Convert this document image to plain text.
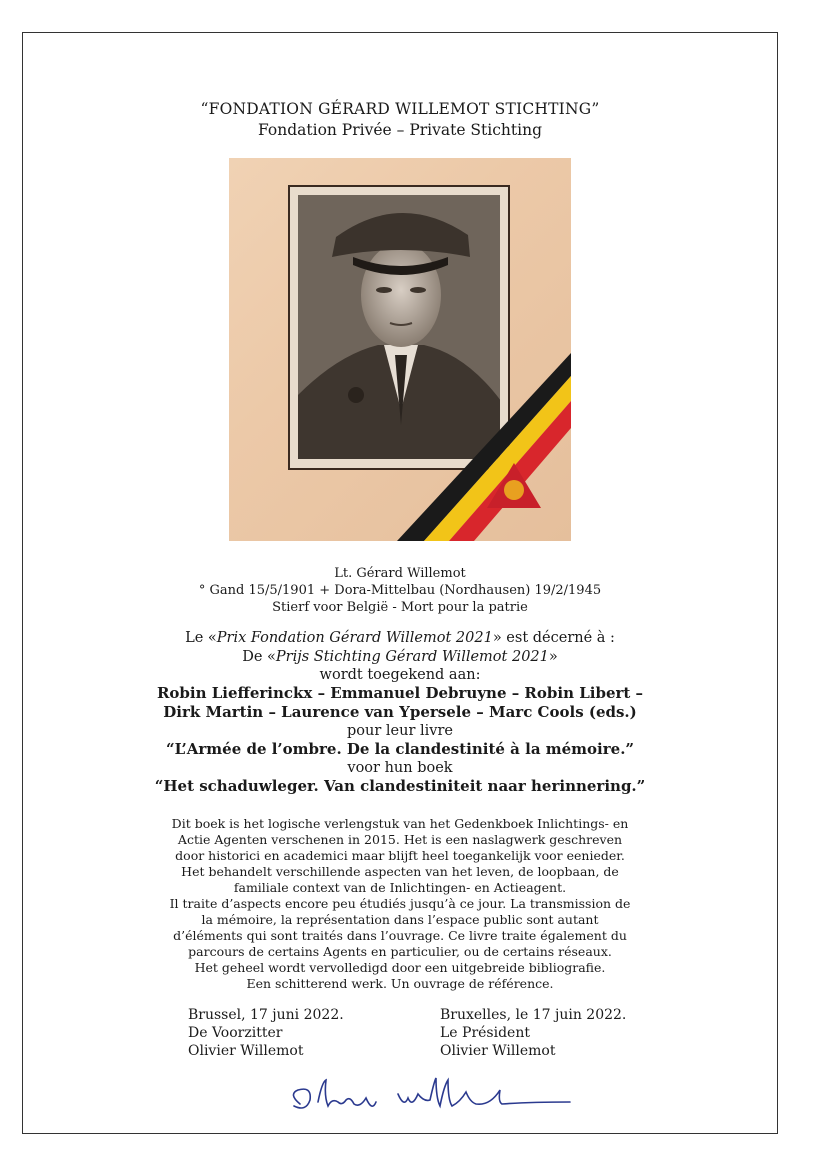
“FONDATION GÉRARD WILLEMOT STICHTING”
Fondation Privée – Private Stichting
Lt. Gérard Willemot
° Gand 15/5/1901 + Dora-Mittelbau (Nordhausen) 19/2/1945
Stierf voor België - Mort pour la patrie
Le «Prix Fondation Gérard Willemot 2021» est décerné à :
De «Prijs Stichting Gérard Willemot 2021»
wordt toegekend aan:
Robin Liefferinckx – Emmanuel Debruyne – Robin Libert –
Dirk Martin – Laurence van Ypersele – Marc Cools (eds.)
pour leur livre
“L’Armée de l’ombre. De la clandestinité à la mémoire.”
voor hun boek
“Het schaduwleger. Van clandestiniteit naar herinnering.”
Dit boek is het logische verlengstuk van het Gedenkboek Inlichtings- en
Actie Agenten verschenen in 2015. Het is een naslagwerk geschreven
door historici en academici maar blijft heel toegankelijk voor eenieder.
Het behandelt verschillende aspecten van het leven, de loopbaan, de
familiale context van de Inlichtingen- en Actieagent.
Il traite d’aspects encore peu étudiés jusqu’à ce jour. La transmission de
la mémoire, la représentation dans l’espace public sont autant
d’éléments qui sont traités dans l’ouvrage. Ce livre traite également du
parcours de certains Agents en particulier, ou de certains réseaux.
Het geheel wordt vervolledigd door een uitgebreide bibliografie.
Een schitterend werk. Un ouvrage de référence.
Brussel, 17 juni 2022.
De Voorzitter
Olivier Willemot
Bruxelles, le 17 juin 2022.
Le Président
Olivier Willemot
